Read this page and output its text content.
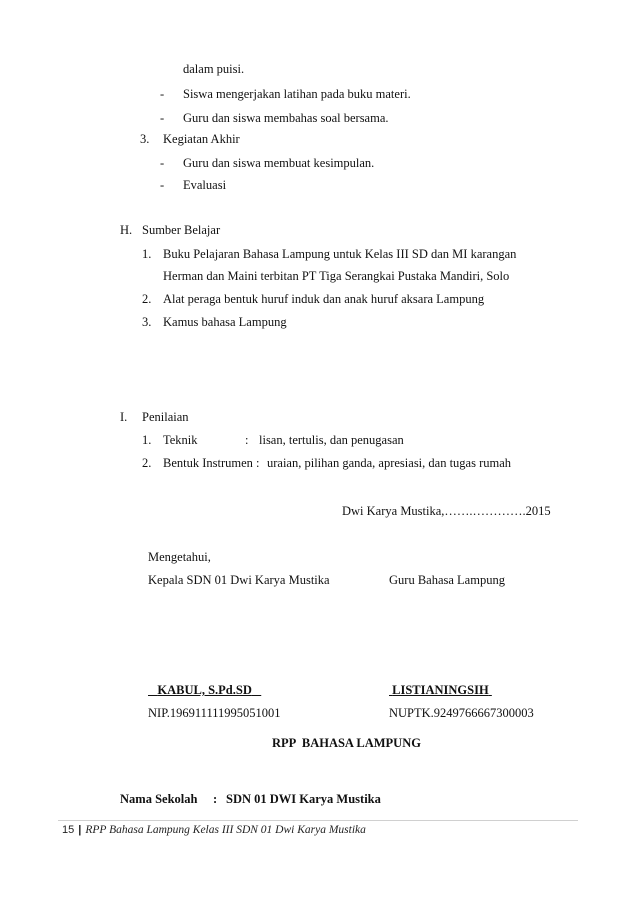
dalam puisi.
- Siswa mengerjakan latihan pada buku materi.
- Guru dan siswa membahas soal bersama.
3. Kegiatan Akhir
- Guru dan siswa membuat kesimpulan.
- Evaluasi
H. Sumber Belajar
1. Buku Pelajaran Bahasa Lampung untuk Kelas III SD dan MI karangan
Herman dan Maini terbitan PT Tiga Serangkai Pustaka Mandiri, Solo
2. Alat peraga bentuk huruf induk dan anak huruf aksara Lampung
3. Kamus bahasa Lampung
I. Penilaian
1. Teknik	: lisan, tertulis, dan penugasan
2. Bentuk Instrumen : uraian, pilihan ganda, apresiasi, dan tugas rumah
Dwi Karya Mustika,…….………….2015
Mengetahui,
Kepala SDN 01 Dwi Karya Mustika	Guru Bahasa Lampung
KABUL, S.Pd.SD	LISTIANINGSIH
NIP.196911111995051001	NUPTK.9249766667300003
RPP  BAHASA LAMPUNG
Nama Sekolah : SDN 01 DWI Karya Mustika
15 | RPP Bahasa Lampung Kelas III SDN 01 Dwi Karya Mustika
